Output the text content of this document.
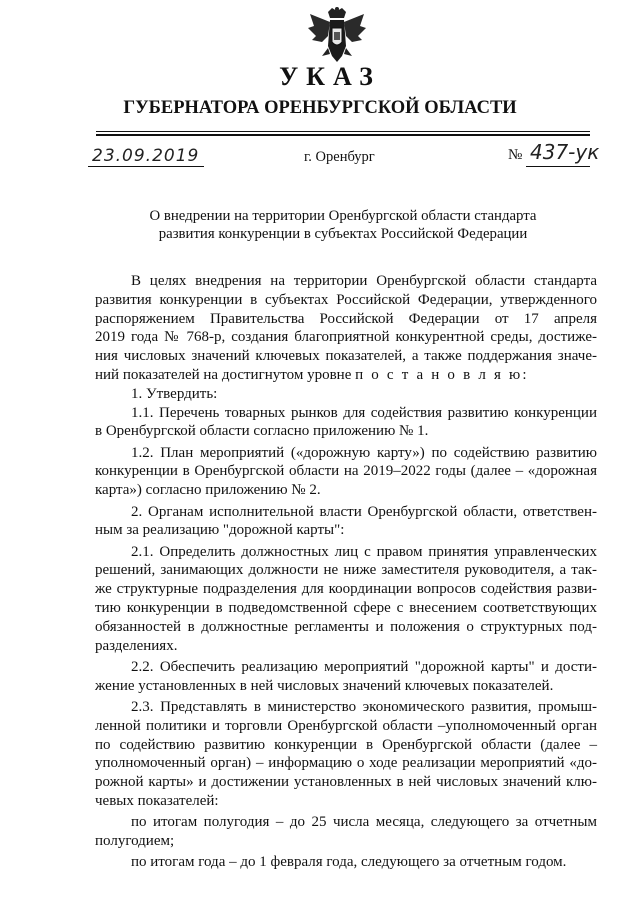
УКАЗ
ГУБЕРНАТОРА ОРЕНБУРГСКОЙ ОБЛАСТИ
23.09.2019	г. Оренбург	№ 437-ук
О внедрении на территории Оренбургской области стандарта
развития конкуренции в субъектах Российской Федерации
В целях внедрения на территории Оренбургской области стандарта
развития конкуренции в субъектах Российской Федерации, утвержденного
распоряжением Правительства Российской Федерации от 17 апреля
2019 года № 768-р, создания благоприятной конкурентной среды, достиже-
ния числовых значений ключевых показателей, а также поддержания значе-
ний показателей на достигнутом уровне п о с т а н о в л я ю:
1. Утвердить:
1.1. Перечень товарных рынков для содействия развитию конкуренции
в Оренбургской области согласно приложению № 1.
1.2. План мероприятий («дорожную карту») по содействию развитию
конкуренции в Оренбургской области на 2019–2022 годы (далее – «дорожная
карта») согласно приложению № 2.
2. Органам исполнительной власти Оренбургской области, ответствен-
ным за реализацию "дорожной карты":
2.1. Определить должностных лиц с правом принятия управленческих
решений, занимающих должности не ниже заместителя руководителя, а так-
же структурные подразделения для координации вопросов содействия разви-
тию конкуренции в подведомственной сфере с внесением соответствующих
обязанностей в должностные регламенты и положения о структурных под-
разделениях.
2.2. Обеспечить реализацию мероприятий "дорожной карты" и дости-
жение установленных в ней числовых значений ключевых показателей.
2.3. Представлять в министерство экономического развития, промыш-
ленной политики и торговли Оренбургской области –уполномоченный орган
по содействию развитию конкуренции в Оренбургской области (далее –
уполномоченный орган) – информацию о ходе реализации мероприятий «до-
рожной карты» и достижении установленных в ней числовых значений клю-
чевых показателей:
по итогам полугодия – до 25 числа месяца, следующего за отчетным
полугодием;
по итогам года – до 1 февраля года, следующего за отчетным годом.
